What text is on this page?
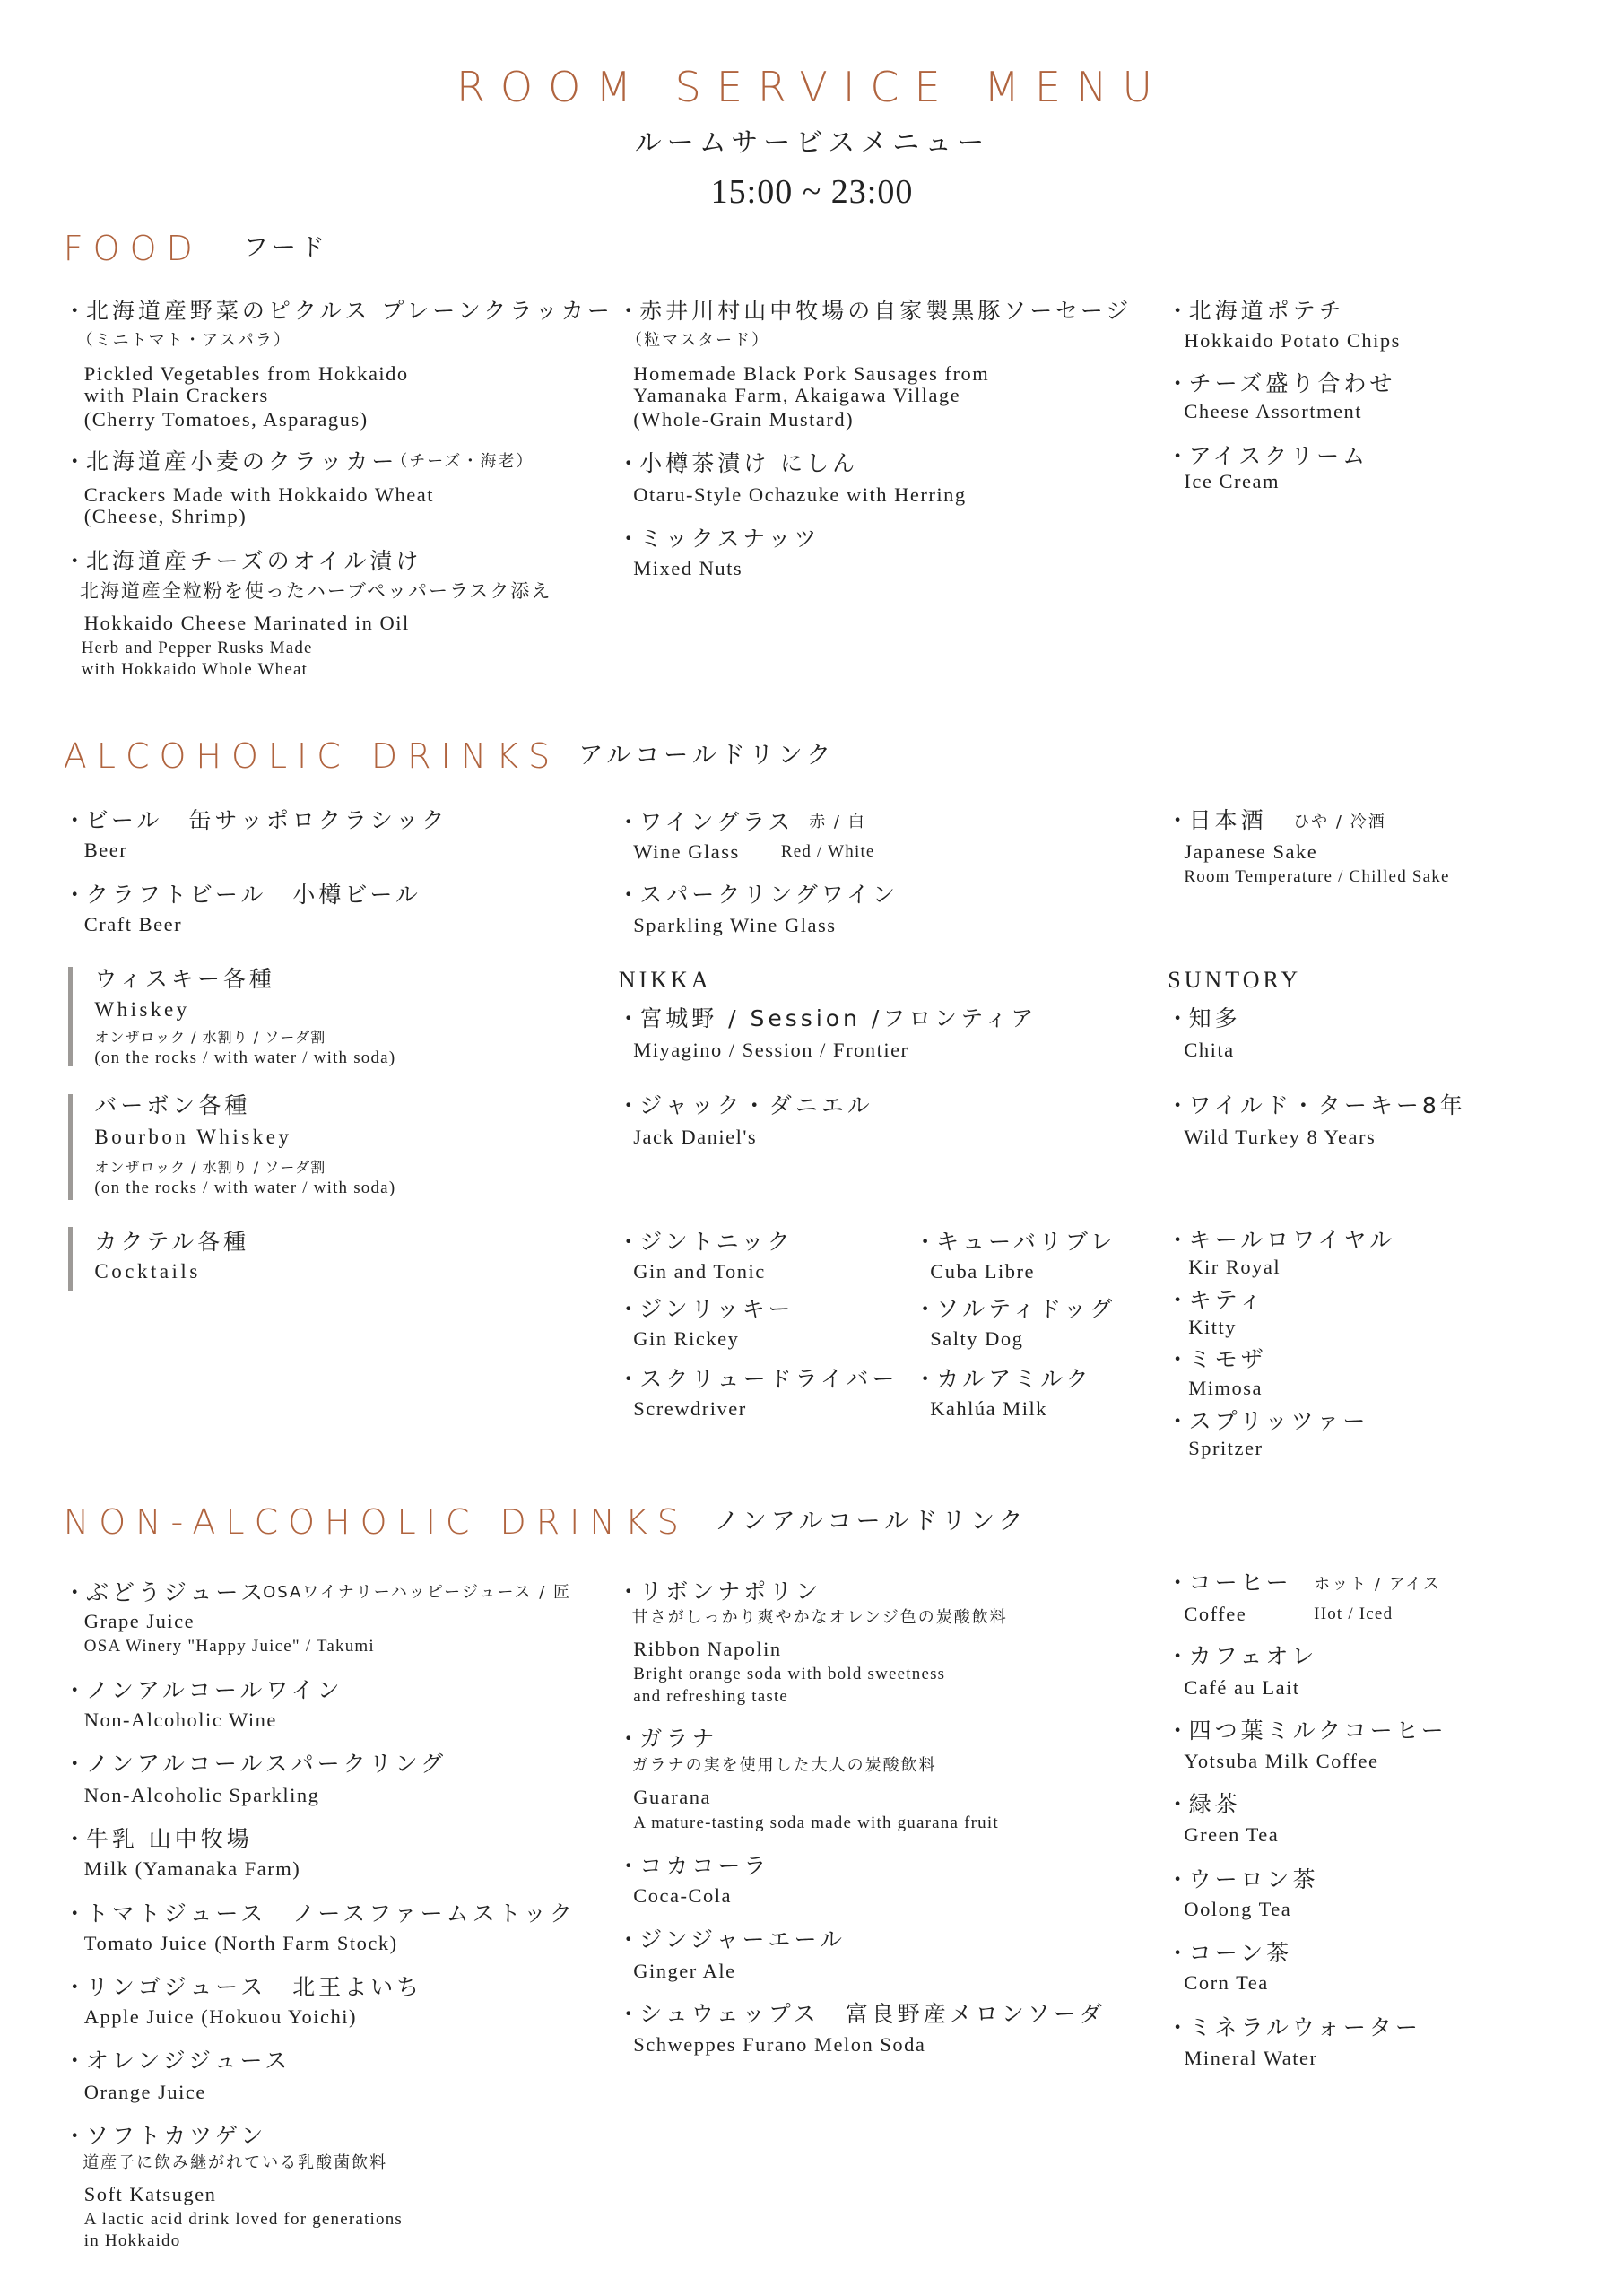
ROOM SERVICE MENU
ルームサービスメニュー
15:00 ~ 23:00
FOOD フード
・ 北海道産野菜のピクルス プレーンクラッカー
（ミニトマト・アスパラ）
Pickled Vegetables from Hokkaido
with Plain Crackers
(Cherry Tomatoes, Asparagus)
・ 北海道産小麦のクラッカー
（チーズ・海老）
Crackers Made with Hokkaido Wheat
(Cheese, Shrimp)
・ 北海道産チーズのオイル漬け
北海道産全粒粉を使ったハーブペッパーラスク添え
Hokkaido Cheese Marinated in Oil
Herb and Pepper Rusks Made
with Hokkaido Whole Wheat
・ 赤井川村山中牧場の自家製黒豚ソーセージ
（粒マスタード）
Homemade Black Pork Sausages from
Yamanaka Farm, Akaigawa Village
(Whole-Grain Mustard)
・ 小樽茶漬け にしん
Otaru-Style Ochazuke with Herring
・ ミックスナッツ
Mixed Nuts
・ 北海道ポテチ
Hokkaido Potato Chips
・ チーズ盛り合わせ
Cheese Assortment
・ アイスクリーム
Ice Cream
ALCOHOLIC DRINKS アルコールドリンク
・ ビール　缶サッポロクラシック
Beer
・ クラフトビール　小樽ビール
Craft Beer
・ ワイングラス 赤 / 白
Wine Glass Red / White
・ スパークリングワイン
Sparkling Wine Glass
・ 日本酒 ひや / 冷酒
Japanese Sake
Room Temperature / Chilled Sake
ウィスキー各種
Whiskey
オンザロック / 水割り / ソーダ割
(on the rocks / with water / with soda)
NIKKA
・ 宮城野 / Session /フロンティア
Miyagino / Session / Frontier
SUNTORY
・ 知多
Chita
バーボン各種
Bourbon Whiskey
オンザロック / 水割り / ソーダ割
(on the rocks / with water / with soda)
・ ジャック・ダニエル
Jack Daniel's
・ ワイルド・ターキー8年
Wild Turkey 8 Years
カクテル各種
Cocktails
・ ジントニック
Gin and Tonic
・ ジンリッキー
Gin Rickey
・ スクリュードライバー
Screwdriver
・ キューバリブレ
Cuba Libre
・ ソルティドッグ
Salty Dog
・ カルアミルク
Kahlúa Milk
・ キールロワイヤル
Kir Royal
・ キティ
Kitty
・ ミモザ
Mimosa
・ スプリッツァー
Spritzer
NON-ALCOHOLIC DRINKS ノンアルコールドリンク
・ ぶどうジュース
OSAワイナリーハッピージュース / 匠
Grape Juice
OSA Winery "Happy Juice" / Takumi
・ ノンアルコールワイン
Non-Alcoholic Wine
・ ノンアルコールスパークリング
Non-Alcoholic Sparkling
・ 牛乳 山中牧場
Milk (Yamanaka Farm)
・ トマトジュース　ノースファームストック
Tomato Juice (North Farm Stock)
・ リンゴジュース　北王よいち
Apple Juice (Hokuou Yoichi)
・ オレンジジュース
Orange Juice
・ ソフトカツゲン
道産子に飲み継がれている乳酸菌飲料
Soft Katsugen
A lactic acid drink loved for generations
in Hokkaido
・ リボンナポリン
甘さがしっかり爽やかなオレンジ色の炭酸飲料
Ribbon Napolin
Bright orange soda with bold sweetness
and refreshing taste
・ ガラナ
ガラナの実を使用した大人の炭酸飲料
Guarana
A mature-tasting soda made with guarana fruit
・ コカコーラ
Coca-Cola
・ ジンジャーエール
Ginger Ale
・ シュウェップス　富良野産メロンソーダ
Schweppes Furano Melon Soda
・ コーヒー ホット / アイス
Coffee	Hot / Iced
・ カフェオレ
Café au Lait
・ 四つ葉ミルクコーヒー
Yotsuba Milk Coffee
・ 緑茶
Green Tea
・ ウーロン茶
Oolong Tea
・ コーン茶
Corn Tea
・ ミネラルウォーター
Mineral Water
